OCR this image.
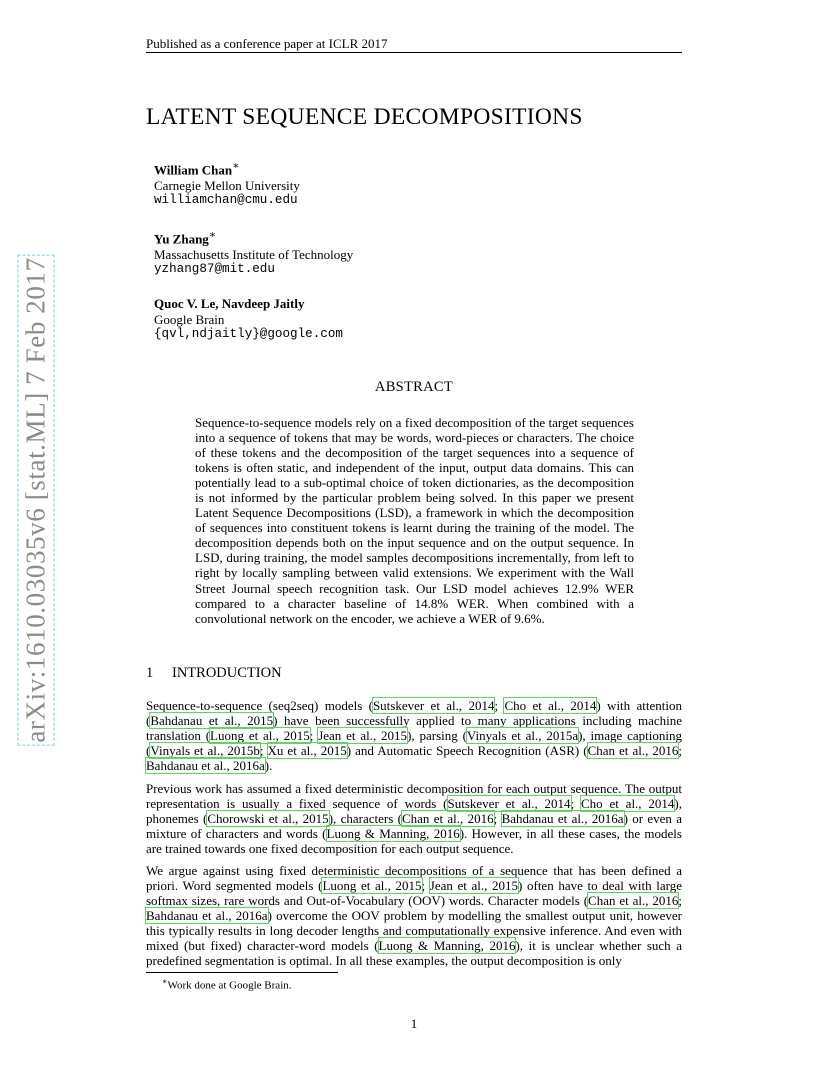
Published as a conference paper at ICLR 2017
LATENT SEQUENCE DECOMPOSITIONS
William Chan∗
Carnegie Mellon University
williamchan@cmu.edu
Yu Zhang∗
Massachusetts Institute of Technology
yzhang87@mit.edu
Quoc V. Le, Navdeep Jaitly
Google Brain
{qvl,ndjaitly}@google.com
arXiv:1610.03035v6 [stat.ML] 7 Feb 2017	ABSTRACT
Sequence-to-sequence models rely on a fixed decomposition of the target sequences into a sequence of tokens that may be words, word-pieces or characters. The choice of these tokens and the decomposition of the target sequences into a sequence of tokens is often static, and independent of the input, output data domains. This can potentially lead to a sub-optimal choice of token dictionaries, as the decomposition is not informed by the particular problem being solved. In this paper we present Latent Sequence Decompositions (LSD), a framework in which the decomposition of sequences into constituent tokens is learnt during the training of the model. The decomposition depends both on the input sequence and on the output sequence. In LSD, during training, the model samples decompositions incrementally, from left to right by locally sampling between valid extensions. We experiment with the Wall Street Journal speech recognition task. Our LSD model achieves 12.9% WER compared to a character baseline of 14.8% WER. When combined with a convolutional network on the encoder, we achieve a WER of 9.6%.
1 INTRODUCTION
Sequence-to-sequence (seq2seq) models (Sutskever et al., 2014; Cho et al., 2014) with attention (Bahdanau et al., 2015) have been successfully applied to many applications including machine translation (Luong et al., 2015; Jean et al., 2015), parsing (Vinyals et al., 2015a), image captioning (Vinyals et al., 2015b; Xu et al., 2015) and Automatic Speech Recognition (ASR) (Chan et al., 2016; Bahdanau et al., 2016a).
Previous work has assumed a fixed deterministic decomposition for each output sequence. The output representation is usually a fixed sequence of words (Sutskever et al., 2014; Cho et al., 2014), phonemes (Chorowski et al., 2015), characters (Chan et al., 2016; Bahdanau et al., 2016a) or even a mixture of characters and words (Luong & Manning, 2016). However, in all these cases, the models are trained towards one fixed decomposition for each output sequence.
We argue against using fixed deterministic decompositions of a sequence that has been defined a priori. Word segmented models (Luong et al., 2015; Jean et al., 2015) often have to deal with large softmax sizes, rare words and Out-of-Vocabulary (OOV) words. Character models (Chan et al., 2016; Bahdanau et al., 2016a) overcome the OOV problem by modelling the smallest output unit, however this typically results in long decoder lengths and computationally expensive inference. And even with mixed (but fixed) character-word models (Luong & Manning, 2016), it is unclear whether such a predefined segmentation is optimal. In all these examples, the output decomposition is only
∗Work done at Google Brain.
1
